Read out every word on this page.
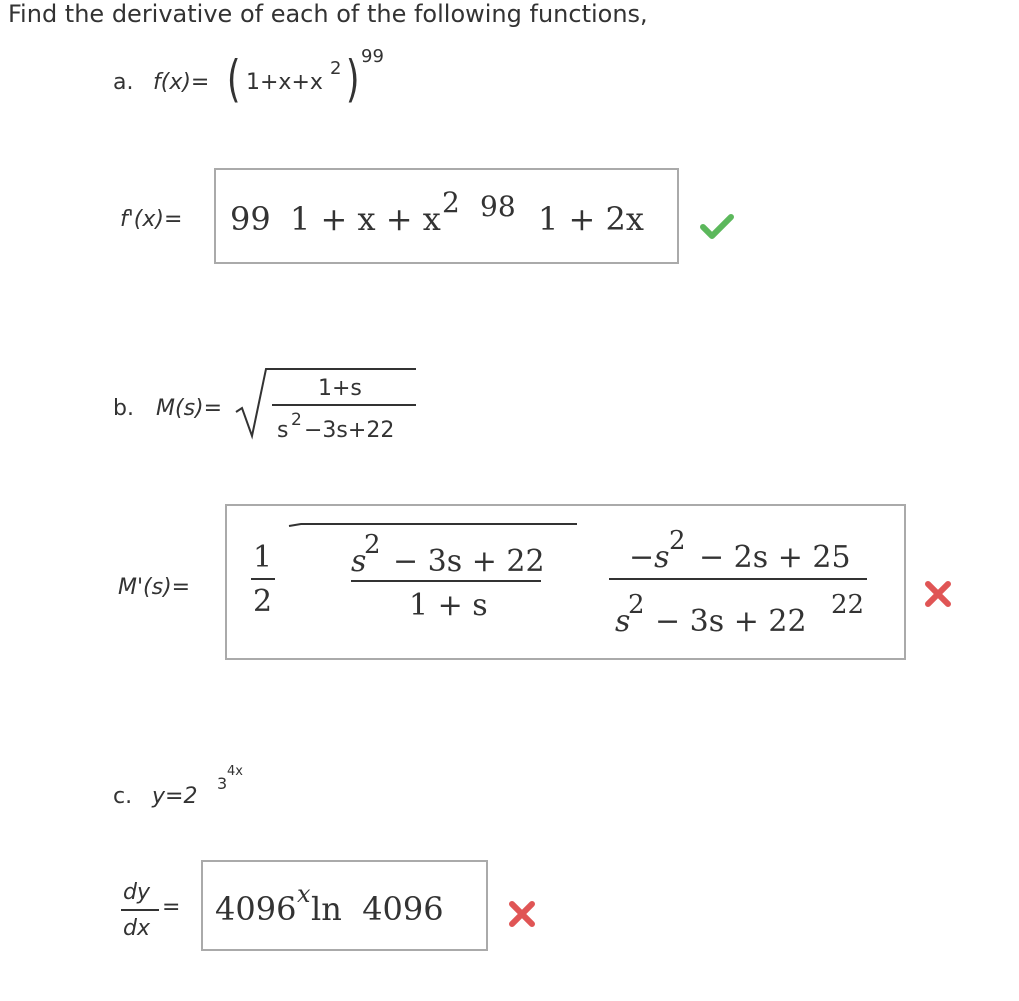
Find the derivative of each of the following functions,
a. f(x)= ( 1+x+x
2 ) 99
f'(x)= 99 1 + x + x 2 98 1 + 2x
b. M(s)=
1+s
s 2 −3s+22
M'(s)=
1
2
s
2 − 3s + 22
1 + s
−s 2 − 2s + 25
s
2 − 3s + 22 22
c. y=2
3
4x
dy
dx
= 4096 x ln  4096
